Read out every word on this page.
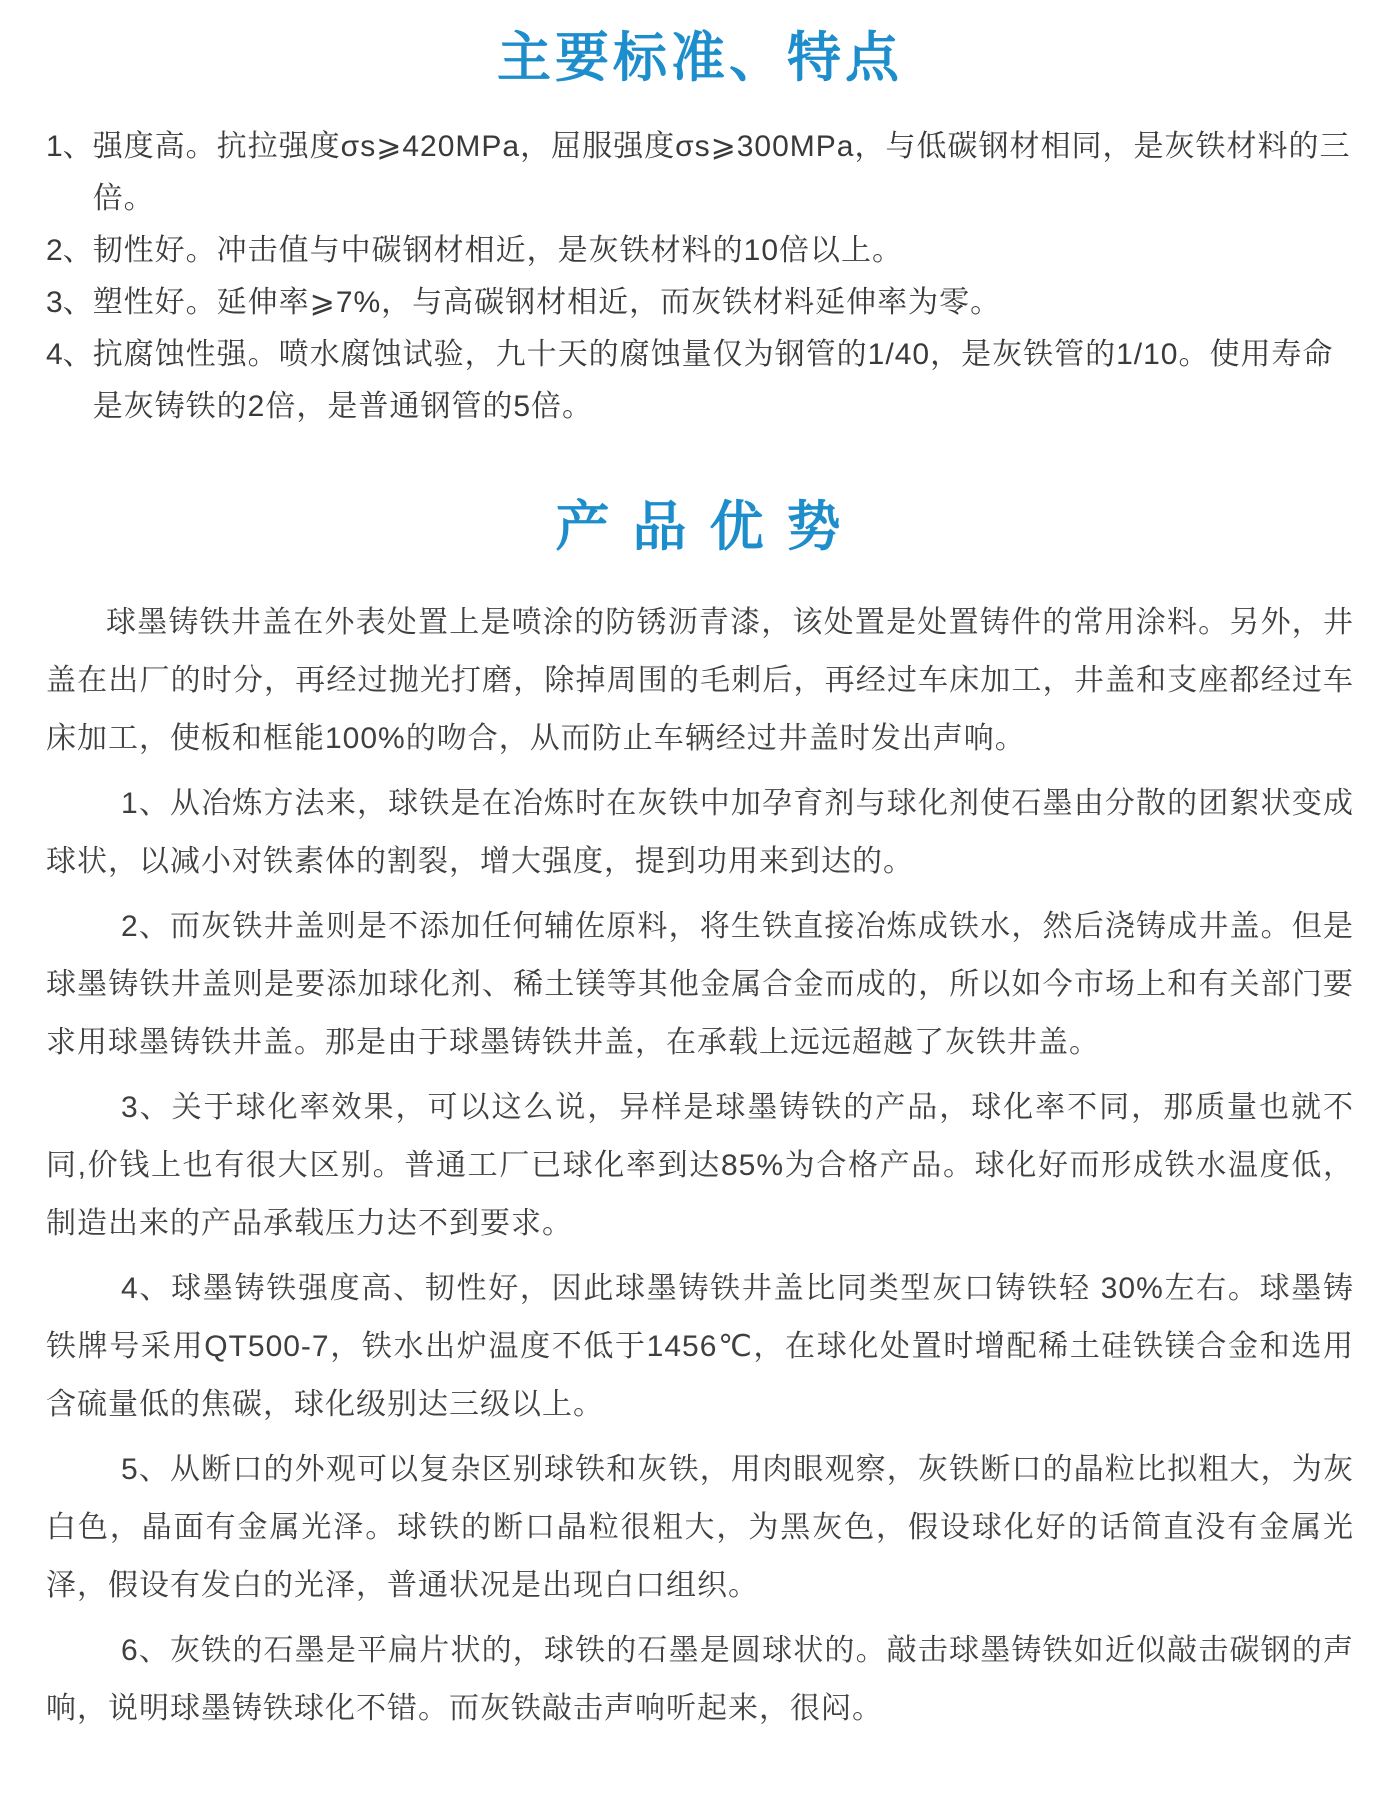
主要标准、特点
1、 强度高。抗拉强度σs⩾420MPa，屈服强度σs⩾300MPa，与低碳钢材相同，是灰铁材料的三倍。
2、 韧性好。冲击值与中碳钢材相近，是灰铁材料的10倍以上。
3、 塑性好。延伸率⩾7%，与高碳钢材相近，而灰铁材料延伸率为零。
4、 抗腐蚀性强。喷水腐蚀试验，九十天的腐蚀量仅为钢管的1/40，是灰铁管的1/10。使用寿命是灰铸铁的2倍，是普通钢管的5倍。
产 品 优 势

球墨铸铁井盖在外表处置上是喷涂的防锈沥青漆，该处置是处置铸件的常用涂料。另外，井盖在出厂的时分，再经过抛光打磨，除掉周围的毛刺后，再经过车床加工，井盖和支座都经过车床加工，使板和框能100%的吻合，从而防止车辆经过井盖时发出声响。

1、从冶炼方法来，球铁是在冶炼时在灰铁中加孕育剂与球化剂使石墨由分散的团絮状变成球状，以减小对铁素体的割裂，增大强度，提到功用来到达的。

2、而灰铁井盖则是不添加任何辅佐原料，将生铁直接冶炼成铁水，然后浇铸成井盖。但是球墨铸铁井盖则是要添加球化剂、稀土镁等其他金属合金而成的，所以如今市场上和有关部门要求用球墨铸铁井盖。那是由于球墨铸铁井盖，在承载上远远超越了灰铁井盖。

3、关于球化率效果，可以这么说，异样是球墨铸铁的产品，球化率不同，那质量也就不同,价钱上也有很大区别。普通工厂已球化率到达85%为合格产品。球化好而形成铁水温度低，制造出来的产品承载压力达不到要求。

4、球墨铸铁强度高、韧性好，因此球墨铸铁井盖比同类型灰口铸铁轻 30%左右。球墨铸铁牌号采用QT500-7，铁水出炉温度不低于1456℃，在球化处置时增配稀土硅铁镁合金和选用含硫量低的焦碳，球化级别达三级以上。

5、从断口的外观可以复杂区别球铁和灰铁，用肉眼观察，灰铁断口的晶粒比拟粗大，为灰白色，晶面有金属光泽。球铁的断口晶粒很粗大，为黑灰色，假设球化好的话简直没有金属光泽，假设有发白的光泽，普通状况是出现白口组织。

6、灰铁的石墨是平扁片状的，球铁的石墨是圆球状的。敲击球墨铸铁如近似敲击碳钢的声响，说明球墨铸铁球化不错。而灰铁敲击声响听起来，很闷。
